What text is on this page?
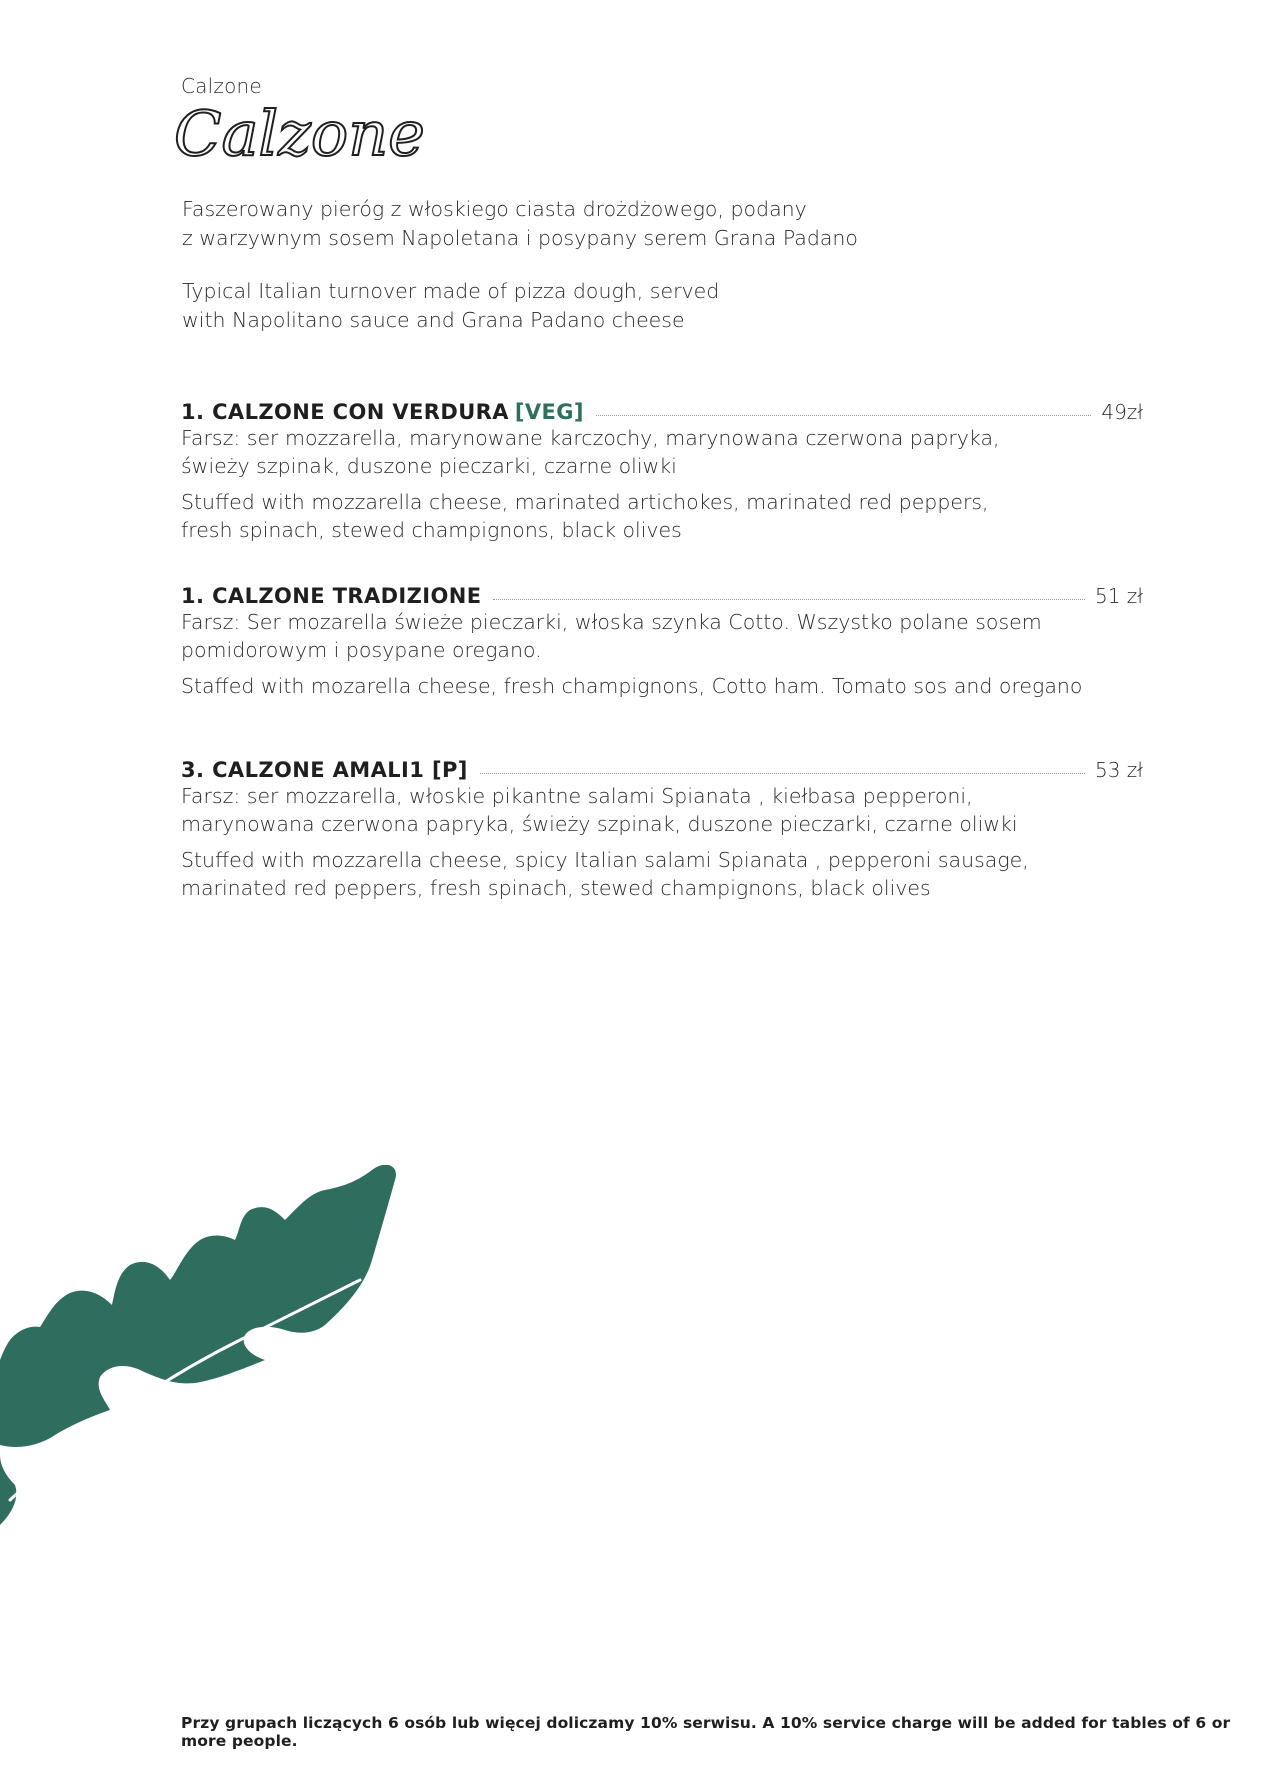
Calzone
Calzone
Faszerowany pieróg z włoskiego ciasta drożdżowego, podany
z warzywnym sosem Napoletana i posypany serem Grana Padano
Typical Italian turnover made of pizza dough, served
with Napolitano sauce and Grana Padano cheese
1. CALZONE CON VERDURA [VEG]	49zł
Farsz: ser mozzarella, marynowane karczochy, marynowana czerwona papryka,
świeży szpinak, duszone pieczarki, czarne oliwki
Stuffed with mozzarella cheese, marinated artichokes, marinated red peppers,
fresh spinach, stewed champignons, black olives
1. CALZONE TRADIZIONE	51 zł
Farsz: Ser mozarella świeże pieczarki, włoska szynka Cotto. Wszystko polane sosem
pomidorowym i posypane oregano.
Staffed with mozarella cheese, fresh champignons, Cotto ham. Tomato sos and oregano
3. CALZONE AMALI1 [P]	53 zł
Farsz: ser mozzarella, włoskie pikantne salami Spianata , kiełbasa pepperoni,
marynowana czerwona papryka, świeży szpinak, duszone pieczarki, czarne oliwki
Stuffed with mozzarella cheese, spicy Italian salami Spianata , pepperoni sausage,
marinated red peppers, fresh spinach, stewed champignons, black olives
Przy grupach liczących 6 osób lub więcej doliczamy 10% serwisu. A 10% service charge will be added for tables of 6 or more people.
